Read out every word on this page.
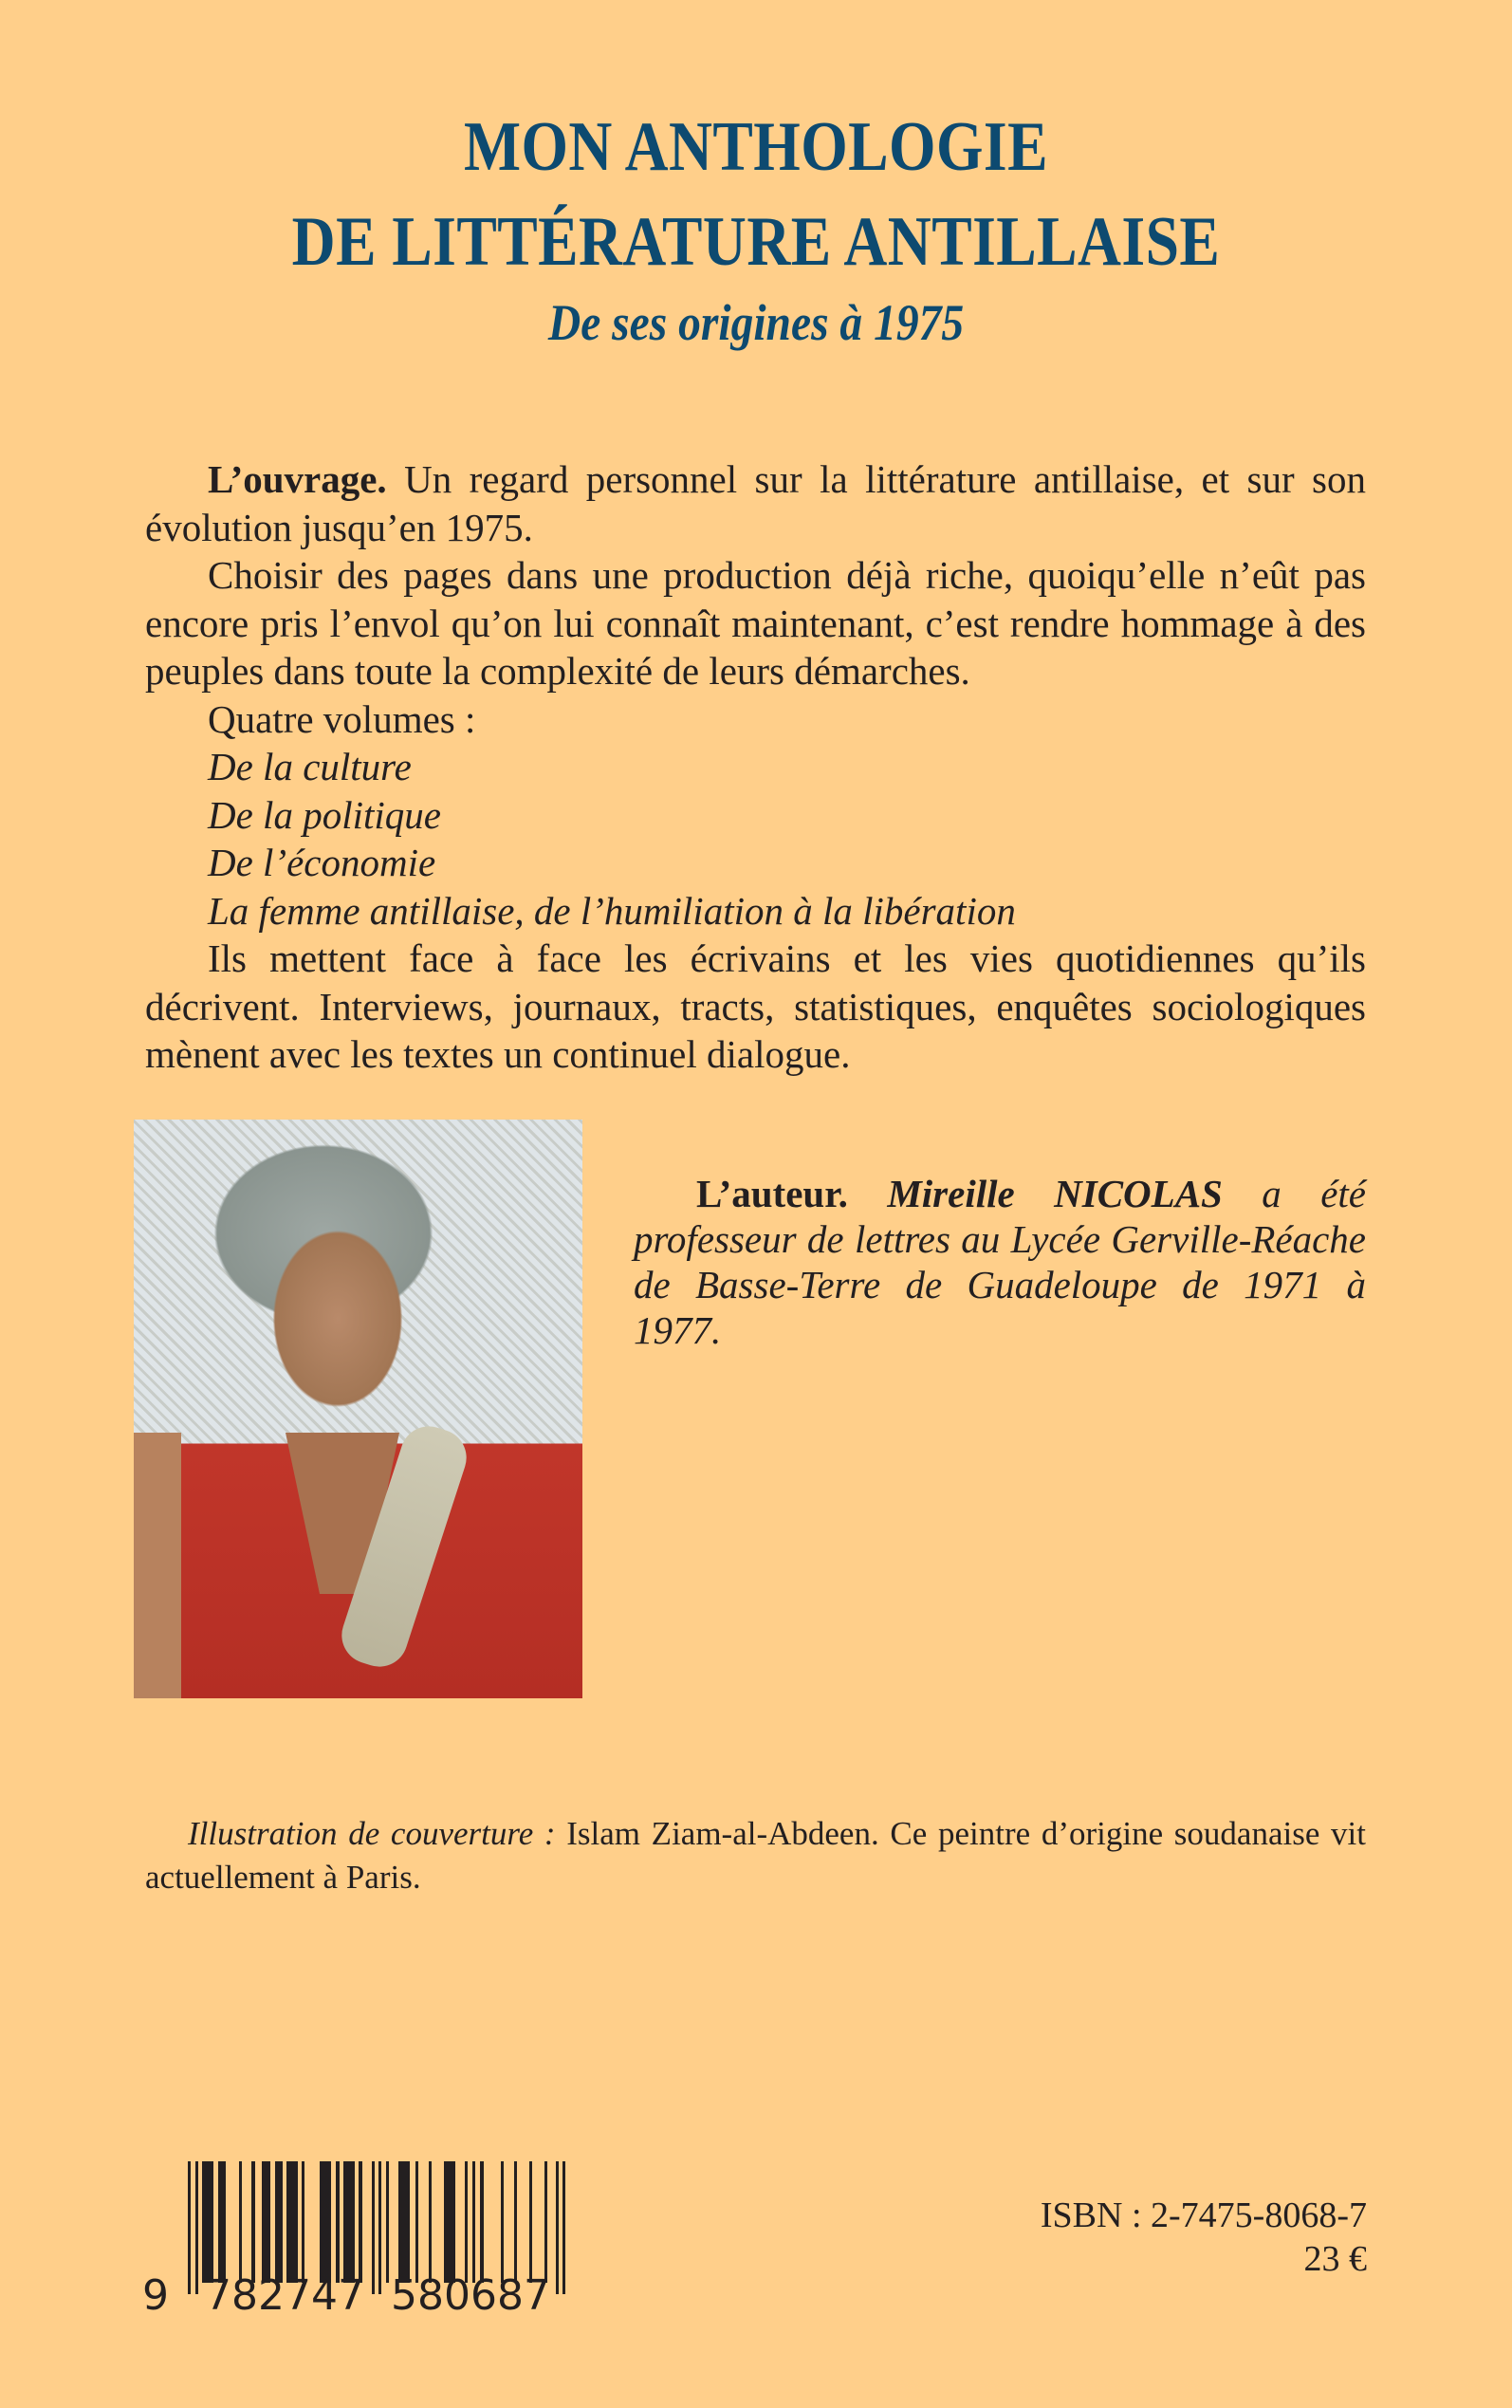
MON ANTHOLOGIE
DE LITTÉRATURE ANTILLAISE
De ses origines à 1975

L’ouvrage. Un regard personnel sur la littérature antillaise, et sur son évolution jusqu’en 1975.

Choisir des pages dans une production déjà riche, quoiqu’elle n’eût pas encore pris l’envol qu’on lui connaît maintenant, c’est rendre hommage à des peuples dans toute la complexité de leurs démarches.

Quatre volumes :

De la culture

De la politique

De l’économie

La femme antillaise, de l’humiliation à la libération

Ils mettent face à face les écrivains et les vies quotidiennes qu’ils décrivent. Interviews, journaux, tracts, statistiques, enquêtes sociologiques mènent avec les textes un continuel dialogue.

L’auteur. Mireille NICOLAS a été professeur de lettres au Lycée Gerville-Réache de Basse-Terre de Guadeloupe de 1971 à 1977.

Illustration de couverture : Islam Ziam-al-Abdeen. Ce peintre d’origine soudanaise vit actuellement à Paris.

9 782747 580687
ISBN : 2-7475-8068-7
23 €
